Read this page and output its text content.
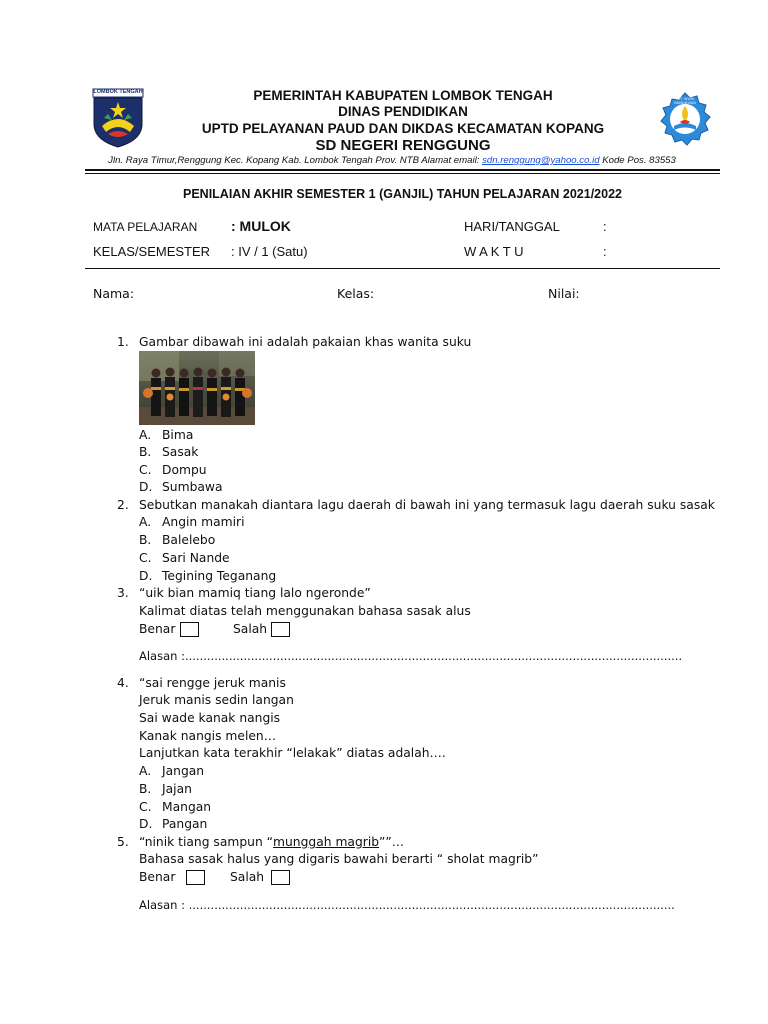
LOMBOK TENGAH
TUT WURI HANDAYANI
PEMERINTAH KABUPATEN LOMBOK TENGAH
DINAS PENDIDIKAN
UPTD PELAYANAN PAUD DAN DIKDAS KECAMATAN KOPANG
SD NEGERI RENGGUNG
Jln. Raya Timur,Renggung Kec. Kopang Kab. Lombok Tengah Prov. NTB Alamat email: sdn.renggung@yahoo.co.id Kode Pos. 83553
PENILAIAN AKHIR SEMESTER 1 (GANJIL) TAHUN PELAJARAN 2021/2022
MATA PELAJARAN : MULOK	HARI/TANGGAL	:
KELAS/SEMESTER : IV / 1 (Satu)	W A K T U	:
Nama:	Kelas:	Nilai:
1. Gambar dibawah ini adalah pakaian khas wanita suku
A. Bima
B. Sasak
C. Dompu
D. Sumbawa
2. Sebutkan manakah diantara lagu daerah di bawah ini yang termasuk lagu daerah suku sasak
A. Angin mamiri
B. Balelebo
C. Sari Nande
D. Tegining Teganang
3. “uik bian mamiq tiang lalo ngeronde”
Kalimat diatas telah menggunakan bahasa sasak alus
Benar	Salah
Alasan :........................................................................................................................................
4. “sai rengge jeruk manis
Jeruk manis sedin langan
Sai wade kanak nangis
Kanak nangis melen…
Lanjutkan kata terakhir “lelakak” diatas adalah….
A. Jangan
B. Jajan
C. Mangan
D. Pangan
5. “ninik tiang sampun “munggah magrib””…
Bahasa sasak halus yang digaris bawahi berarti “ sholat magrib”
Benar	Salah
Alasan : .....................................................................................................................................
